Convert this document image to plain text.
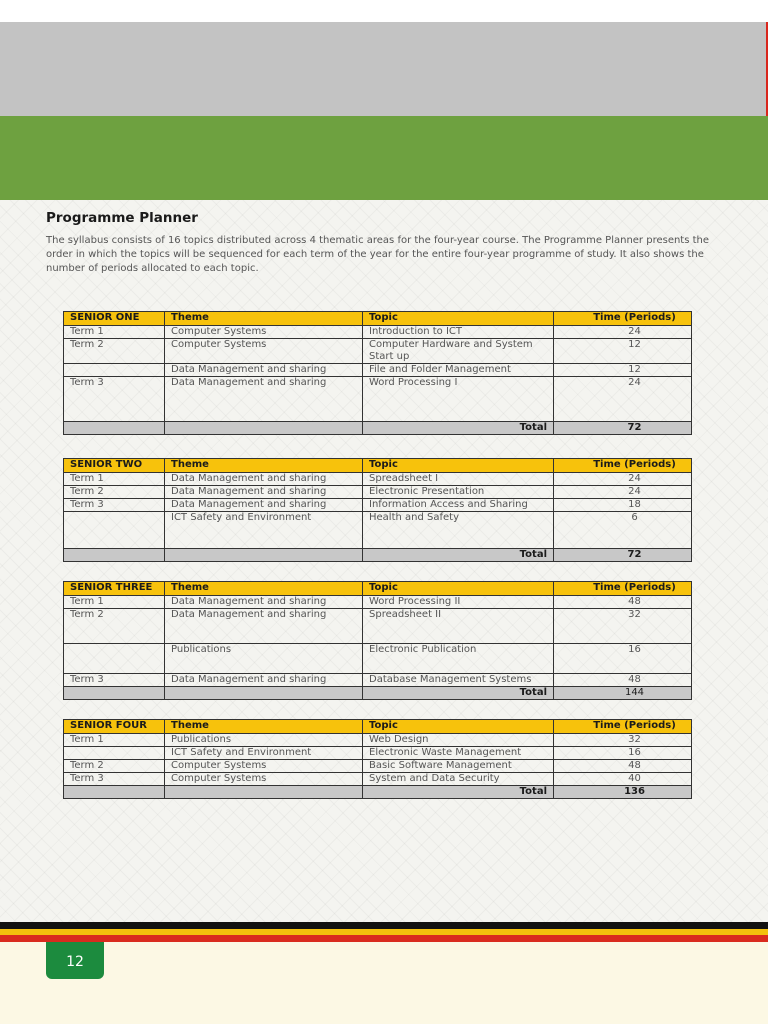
Programme Planner

The syllabus consists of 16 topics distributed across 4 thematic areas for the four-year course. The Programme Planner presents the order in which the topics will be sequenced for each term of the year for the entire four-year programme of study. It also shows the number of periods allocated to each topic.

SENIOR ONE	Theme	Topic	Time (Periods)
Term 1	Computer Systems	Introduction to ICT	24
Term 2	Computer Systems	Computer Hardware and System Start up	12
	Data Management and sharing	File and Folder Management	12
Term 3	Data Management and sharing	Word Processing I	24
		Total	72
SENIOR TWO	Theme	Topic	Time (Periods)
Term 1	Data Management and sharing	Spreadsheet I	24
Term 2	Data Management and sharing	Electronic Presentation	24
Term 3	Data Management and sharing	Information Access and Sharing	18
	ICT Safety and Environment	Health and Safety	6
		Total	72
SENIOR THREE	Theme	Topic	Time (Periods)
Term 1	Data Management and sharing	Word Processing II	48
Term 2	Data Management and sharing	Spreadsheet II	32
	Publications	Electronic Publication	16
Term 3	Data Management and sharing	Database Management Systems	48
		Total	144
SENIOR FOUR	Theme	Topic	Time (Periods)
Term 1	Publications	Web Design	32
	ICT Safety and Environment	Electronic Waste Management	16
Term 2	Computer Systems	Basic Software Management	48
Term 3	Computer Systems	System and Data Security	40
		Total	136
12
